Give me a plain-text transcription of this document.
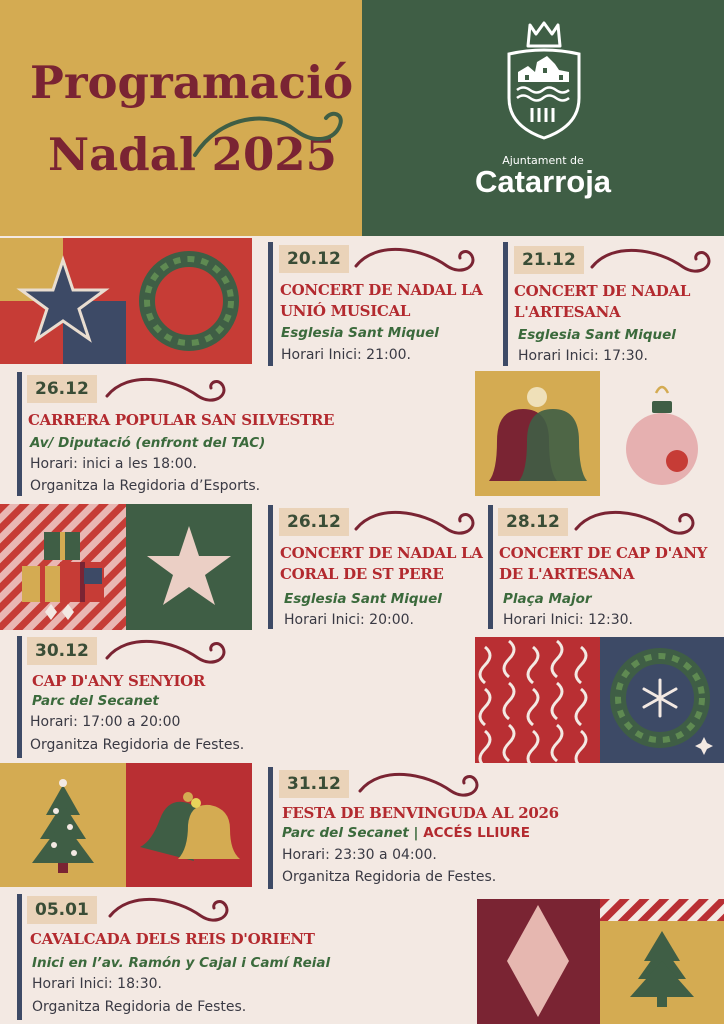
Programació
Nadal 2025	Ajuntament de
Catarroja
20.12
CONCERT DE NADAL LA UNIÓ MUSICAL
Esglesia Sant Miquel
Horari Inici: 21:00.
21.12
CONCERT DE NADAL L'ARTESANA
Esglesia Sant Miquel
Horari Inici: 17:30.
26.12
CARRERA POPULAR SAN SILVESTRE
Av/ Diputació (enfront del TAC)
Horari: inici a les 18:00.
Organitza la Regidoria d’Esports.
26.12
CONCERT DE NADAL LA CORAL DE ST PERE
Esglesia Sant Miquel
Horari Inici: 20:00.
28.12
CONCERT DE CAP D'ANY DE L'ARTESANA
Plaça Major
Horari Inici: 12:30.
30.12
CAP D'ANY SENYIOR
Parc del Secanet
Horari: 17:00 a 20:00
Organitza Regidoria de Festes.
31.12
FESTA DE BENVINGUDA AL 2026
Parc del Secanet | ACCÉS LLIURE
Horari: 23:30 a 04:00.
Organitza Regidoria de Festes.
05.01
CAVALCADA DELS REIS D'ORIENT
Inici en l’av. Ramón y Cajal i Camí Reial
Horari Inici: 18:30.
Organitza Regidoria de Festes.
